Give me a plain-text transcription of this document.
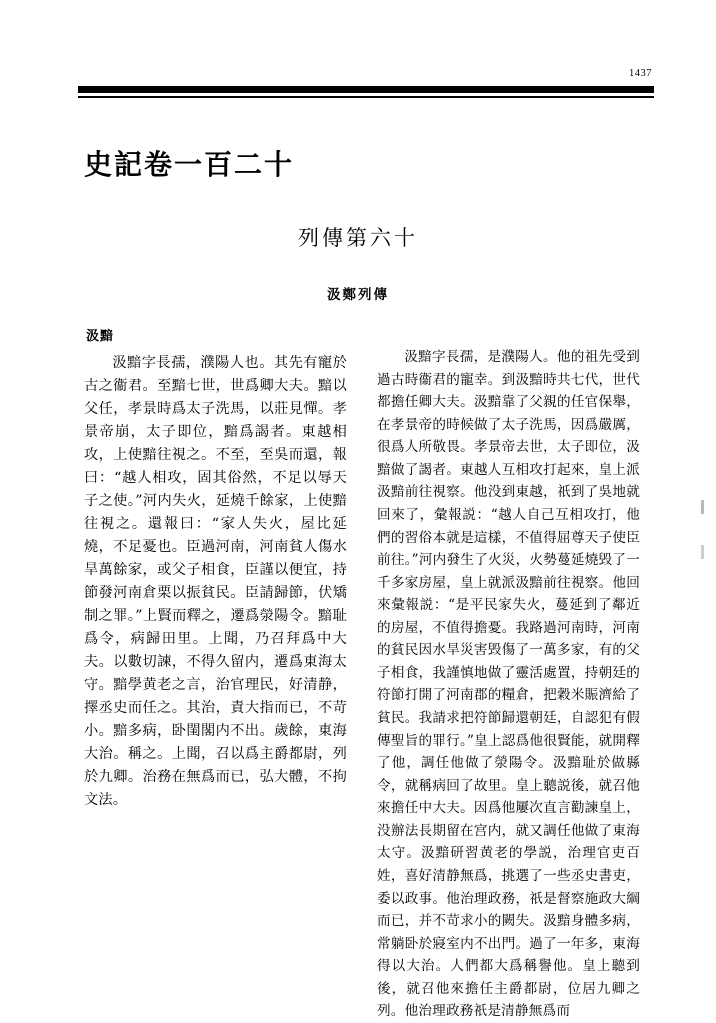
1437
史記卷一百二十
列傳第六十
汲鄭列傳
汲黯

汲黯字長孺，濮陽人也。其先有寵於古之衞君。至黯七世，世爲卿大夫。黯以父任，孝景時爲太子洗馬，以莊見憚。孝景帝崩，太子即位，黯爲謁者。東越相攻，上使黯往視之。不至，至吳而還，報曰：“越人相攻，固其俗然，不足以辱天子之使。”河内失火，延燒千餘家，上使黯往視之。還報曰：“家人失火，屋比延燒，不足憂也。臣過河南，河南貧人傷水旱萬餘家，或父子相食，臣謹以便宜，持節發河南倉栗以振貧民。臣請歸節，伏矯制之罪。”上賢而釋之，遷爲滎陽令。黯耻爲令，病歸田里。上聞，乃召拜爲中大夫。以數切諫，不得久留内，遷爲東海太守。黯學黄老之言，治官理民，好清静，擇丞史而任之。其治，責大指而已，不苛小。黯多病，卧閨閣内不出。歲餘，東海大治。稱之。上聞，召以爲主爵都尉，列於九卿。治務在無爲而已，弘大體，不拘文法。

汲黯字長孺，是濮陽人。他的祖先受到過古時衞君的寵幸。到汲黯時共七代，世代都擔任卿大夫。汲黯靠了父親的任官保舉，在孝景帝的時候做了太子洗馬，因爲嚴厲，很爲人所敬畏。孝景帝去世，太子即位，汲黯做了謁者。東越人互相攻打起來，皇上派汲黯前往視察。他没到東越，祇到了吳地就回來了，彙報説：“越人自己互相攻打，他們的習俗本就是這樣，不值得屈尊天子使臣前往。”河内發生了火災，火勢蔓延燒毁了一千多家房屋，皇上就派汲黯前往視察。他回來彙報説：“是平民家失火，蔓延到了鄰近的房屋，不值得擔憂。我路過河南時，河南的貧民因水旱災害毁傷了一萬多家，有的父子相食，我謹慎地做了靈活處置，持朝廷的符節打開了河南郡的糧倉，把穀米賑濟給了貧民。我請求把符節歸還朝廷，自認犯有假傳聖旨的罪行。”皇上認爲他很賢能，就開釋了他，調任他做了滎陽令。汲黯耻於做縣令，就稱病回了故里。皇上聽説後，就召他來擔任中大夫。因爲他屢次直言勸諫皇上，没辦法長期留在宫内，就又調任他做了東海太守。汲黯研習黄老的學説，治理官吏百姓，喜好清静無爲，挑選了一些丞史書吏，委以政事。他治理政務，祇是督察施政大綱而已，并不苛求小的闕失。汲黯身體多病，常躺卧於寢室内不出門。過了一年多，東海得以大治。人們都大爲稱譽他。皇上聽到後，就召他來擔任主爵都尉，位居九卿之列。他治理政務祇是清静無爲而
